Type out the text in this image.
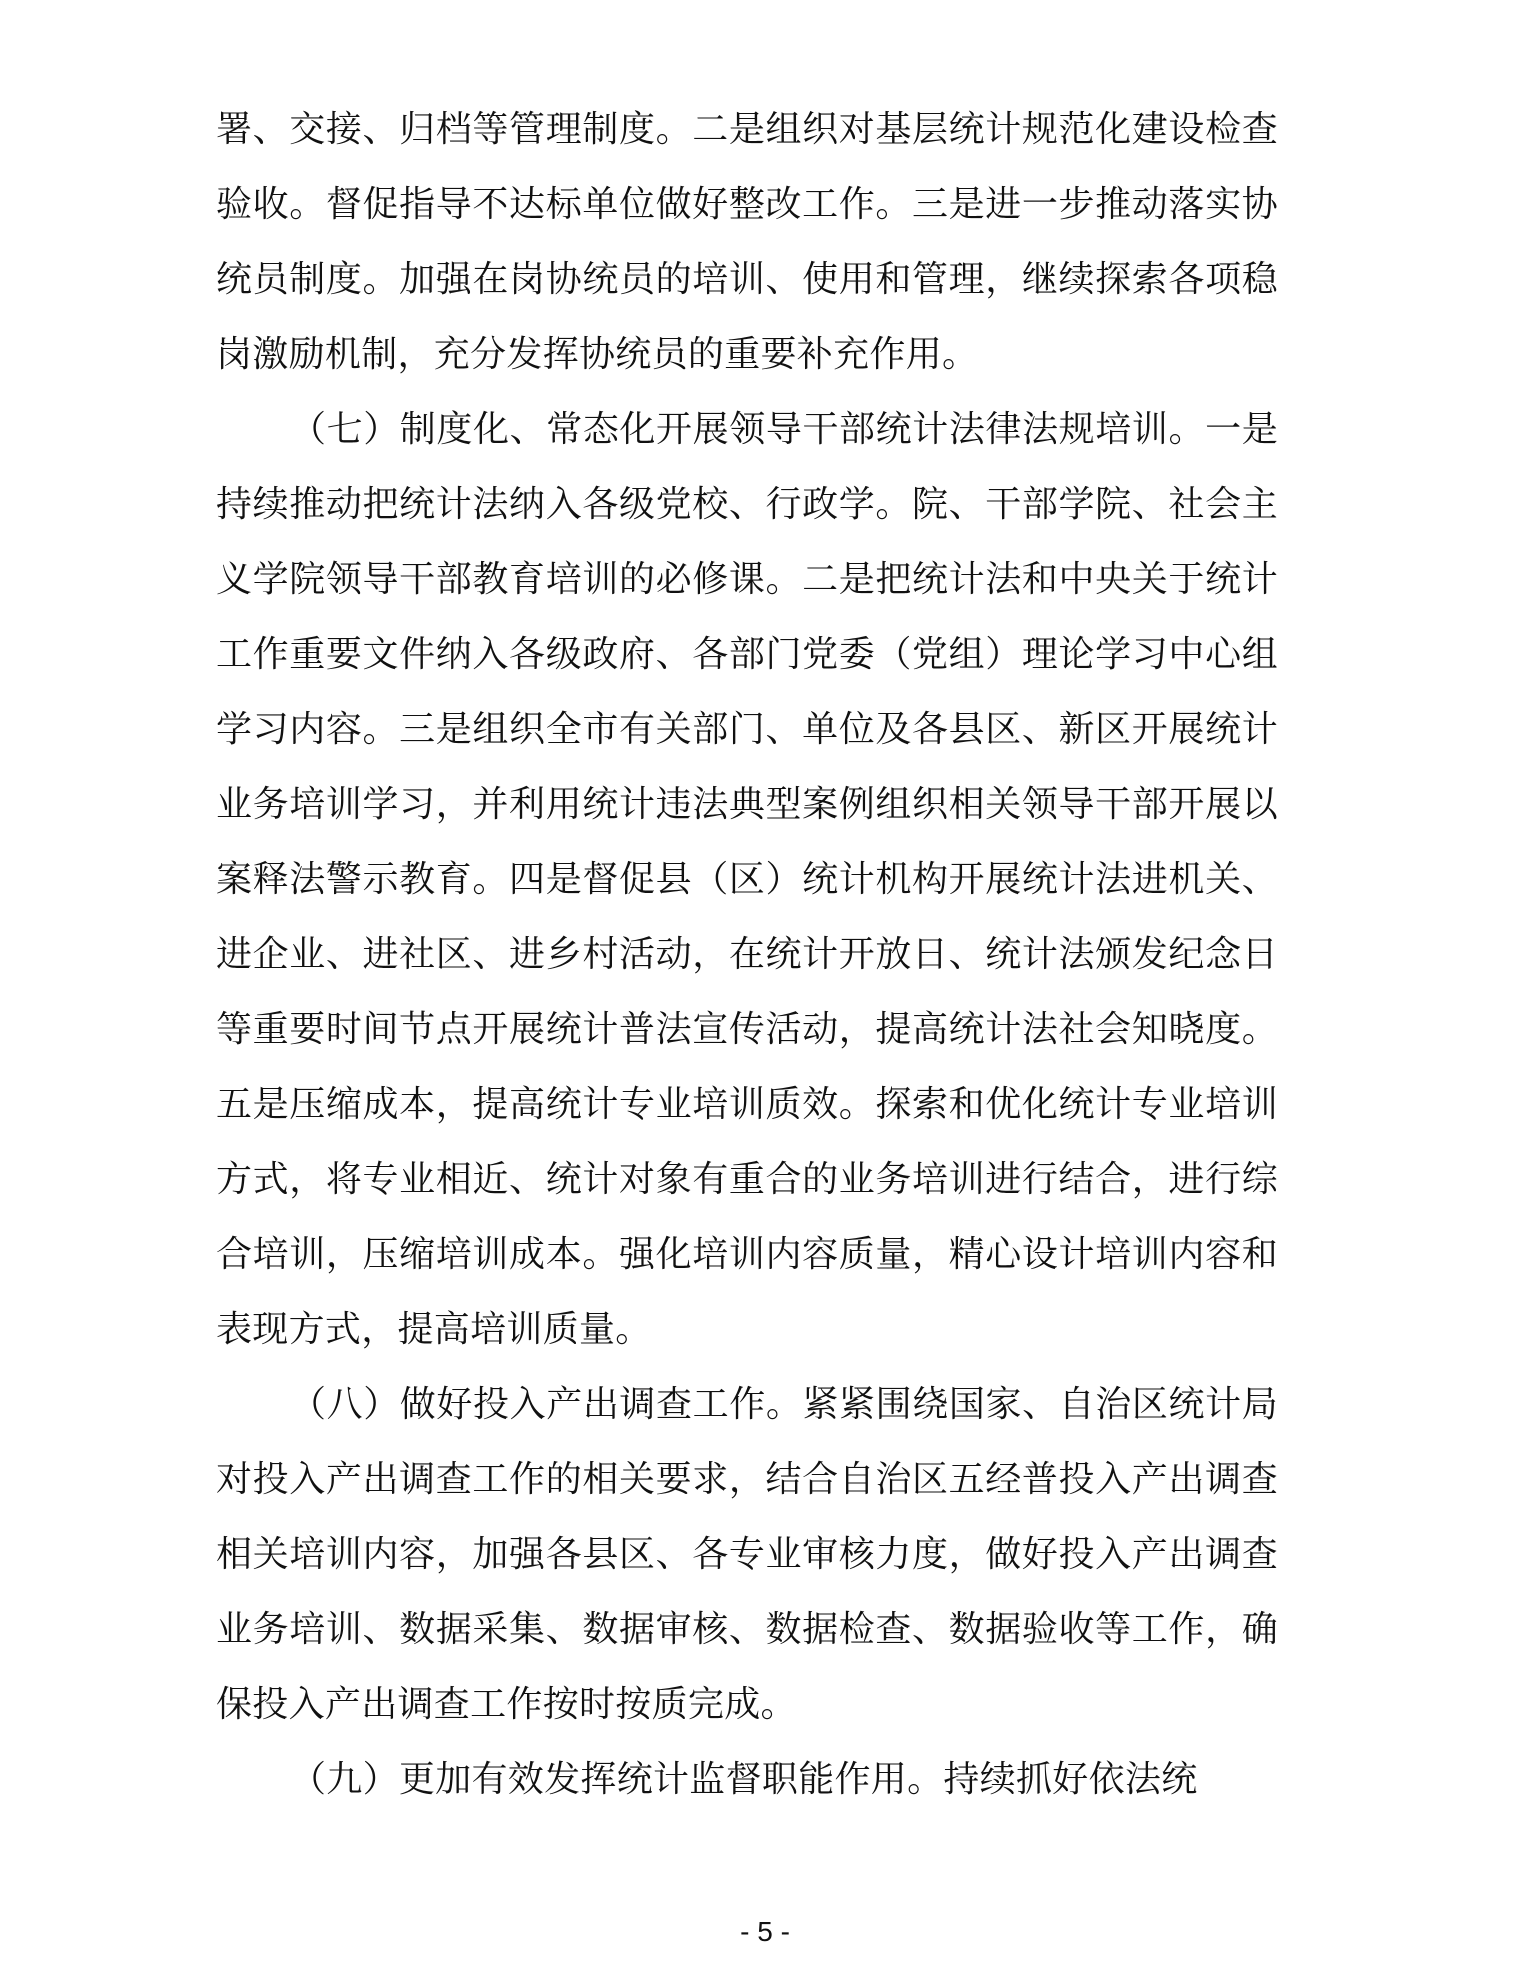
署、交接、归档等管理制度。二是组织对基层统计规范化建设检查验收。督促指导不达标单位做好整改工作。三是进一步推动落实协统员制度。加强在岗协统员的培训、使用和管理，继续探索各项稳岗激励机制，充分发挥协统员的重要补充作用。

（七）制度化、常态化开展领导干部统计法律法规培训。一是持续推动把统计法纳入各级党校、行政学。院、干部学院、社会主义学院领导干部教育培训的必修课。二是把统计法和中央关于统计工作重要文件纳入各级政府、各部门党委（党组）理论学习中心组学习内容。三是组织全市有关部门、单位及各县区、新区开展统计业务培训学习，并利用统计违法典型案例组织相关领导干部开展以案释法警示教育。四是督促县（区）统计机构开展统计法进机关、进企业、进社区、进乡村活动，在统计开放日、统计法颁发纪念日等重要时间节点开展统计普法宣传活动，提高统计法社会知晓度。五是压缩成本，提高统计专业培训质效。探索和优化统计专业培训方式，将专业相近、统计对象有重合的业务培训进行结合，进行综合培训，压缩培训成本。强化培训内容质量，精心设计培训内容和表现方式，提高培训质量。

（八）做好投入产出调查工作。紧紧围绕国家、自治区统计局对投入产出调查工作的相关要求，结合自治区五经普投入产出调查相关培训内容，加强各县区、各专业审核力度，做好投入产出调查业务培训、数据采集、数据审核、数据检查、数据验收等工作，确保投入产出调查工作按时按质完成。

（九）更加有效发挥统计监督职能作用。持续抓好依法统

- 5 -
